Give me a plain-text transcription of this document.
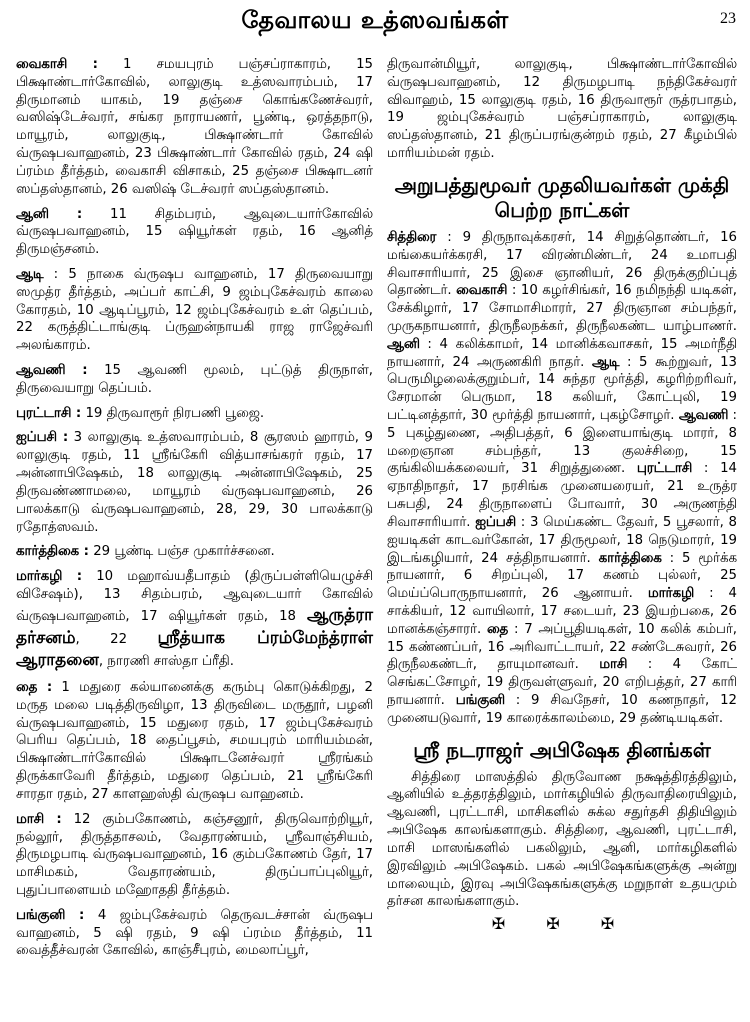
தேவாலய உத்ஸவங்கள்	23

வைகாசி : 1 சமயபுரம் பஞ்சப்ராகாரம், 15 பிக்ஷாண்டார்கோவில், லாலுகுடி உத்ஸவாரம்பம், 17 திருமானம் யாகம், 19 தஞ்சை கொங்கணேச்வரர், வஸிஷ்டேச்வரர், சங்கர நாராயணர், பூண்டி, ஒரத்தநாடு, மாயூரம், லாலுகுடி, பிக்ஷாண்டார் கோவில் வ்ருஷபவாஹனம், 23 பிக்ஷாண்டார் கோவில் ரதம், 24 ஷி ப்ரம்ம தீர்த்தம், வைகாசி விசாகம், 25 தஞ்சை பிக்ஷாடனர் ஸப்தஸ்தானம், 26 வஸிஷ் டேச்வரர் ஸப்தஸ்தானம்.

ஆனி : 11 சிதம்பரம், ஆவுடையார்கோவில் வ்ருஷபவாஹனம், 15 ஷியூர்கள் ரதம், 16 ஆனித் திருமஞ்சனம்.

ஆடி : 5 நாகை வ்ருஷப வாஹனம், 17 திருவையாறு ஸமுத்ர தீர்த்தம், அப்பர் காட்சி, 9 ஜம்புகேச்வரம் காலை கோரதம், 10 ஆடிப்பூரம், 12 ஜம்புகேச்வரம் உள் தெப்பம், 22 கருத்திட்டாங்குடி ப்ருஹன்நாயகி ராஜ ராஜேச்வரி அலங்காரம்.

ஆவணி : 15 ஆவணி மூலம், புட்டுத் திருநாள், திருவையாறு தெப்பம்.

புரட்டாசி : 19 திருவாரூர் நிரபணி பூஜை.

ஐப்பசி : 3 லாலுகுடி உத்ஸவாரம்பம், 8 சூரஸம் ஹாரம், 9 லாலுகுடி ரதம், 11 ஸ்ரீங்கேரி வித்யாசங்கரர் ரதம், 17 அன்னாபிஷேகம், 18 லாலுகுடி அன்னாபிஷேகம், 25 திருவண்ணாமலை, மாயூரம் வ்ருஷபவாஹனம், 26 பாலக்காடு வ்ருஷபவாஹனம், 28, 29, 30 பாலக்காடு ரதோத்ஸவம்.

கார்த்திகை : 29 பூண்டி பஞ்ச முகார்ச்சனை.

மார்கழி : 10 மஹாவ்யதீபாதம் (திருப்பள்ளியெழுச்சி விசேஷம்), 13 சிதம்பரம், ஆவுடையார் கோவில் வ்ருஷபவாஹனம், 17 ஷியூர்கள் ரதம், 18 ஆருத்ரா தர்சனம், 22 ஸ்ரீத்யாக ப்ரம்மேந்த்ராள் ஆராதனை, நாரணி சாஸ்தா ப்ரீதி.

தை : 1 மதுரை கல்யானைக்கு கரும்பு கொடுக்கிறது, 2 மருத மலை படித்திருவிழா, 13 திருவிடை மருதூர், பழனி வ்ருஷபவாஹனம், 15 மதுரை ரதம், 17 ஜம்புகேச்வரம் பெரிய தெப்பம், 18 தைப்பூசம், சமயபுரம் மாரியம்மன், பிக்ஷாண்டார்கோவில் பிக்ஷாடனேச்வரர் ஸ்ரீரங்கம் திருக்காவேரி தீர்த்தம், மதுரை தெப்பம், 21 ஸ்ரீங்கேரி சாரதா ரதம், 27 காளஹஸ்தி வ்ருஷப வாஹனம்.

மாசி : 12 கும்பகோணம், கஞ்சனூர், திருவொற்றியூர், நல்லூர், திருத்தாசலம், வேதாரண்யம், ஸ்ரீவாஞ்சியம், திருமழபாடி வ்ருஷபவாஹனம், 16 கும்பகோணம் தேர், 17 மாசிமகம், வேதாரண்யம், திருப்பாப்புலியூர், புதுப்பாளையம் மஹோததி தீர்த்தம்.

பங்குனி : 4 ஜம்புகேச்வரம் தெருவடச்சான் வ்ருஷப வாஹனம், 5 ஷி ரதம், 9 ஷி ப்ரம்ம தீர்த்தம், 11 வைத்தீச்வரன் கோவில், காஞ்சீபுரம், மைலாப்பூர்,

திருவான்மியூர், லாலுகுடி, பிக்ஷாண்டார்கோவில் வ்ருஷபவாஹனம், 12 திருமழபாடி நந்திகேச்வரர் விவாஹம், 15 லாலுகுடி ரதம், 16 திருவாரூர் ருத்ரபாதம், 19 ஜம்புகேச்வரம் பஞ்சப்ராகாரம், லாலுகுடி ஸப்தஸ்தானம், 21 திருப்பரங்குன்றம் ரதம், 27 கீழம்பில் மாரியம்மன் ரதம்.

அறுபத்துமூவர் முதலியவர்கள் முக்தி பெற்ற நாட்கள்

சித்திரை : 9 திருநாவுக்கரசர், 14 சிறுத்தொண்டர், 16 மங்கையர்க்கரசி, 17 விரண்மிண்டர், 24 உமாபதி சிவாசாரியார், 25 இசை ஞானியர், 26 திருக்குறிப்புத் தொண்டர். வைகாசி : 10 கழர்சிங்கர், 16 நமிநந்தி யடிகள், சேக்கிழார், 17 சோமாசிமாரர், 27 திருஞான சம்பந்தர், முருகநாயனார், திருநீலநக்கர், திருநீலகண்ட யாழ்பாணர். ஆனி : 4 கலிக்காமர், 14 மானிக்கவாசகர், 15 அமர்நீதி நாயனார், 24 அருணகிரி நாதர். ஆடி : 5 கூற்றுவர், 13 பெருமிழலைக்குறும்பர், 14 சுந்தர மூர்த்தி, கழரிற்றரிவர், சேரமான் பெருமா, 18 கலியர், கோட்புலி, 19 பட்டினத்தார், 30 மூர்த்தி நாயனார், புகழ்சோழர். ஆவணி : 5 புகழ்துணை, அதிபத்தர், 6 இளையாங்குடி மாரர், 8 மறைஞான சம்பந்தர், 13 குலச்சிறை, 15 குங்கிலியக்கலையர், 31 சிறுத்துணை. புரட்டாசி : 14 ஏநாதிநாதர், 17 நரசிங்க முனையரையர், 21 உருத்ர பசுபதி, 24 திருநாளைப் போவார், 30 அருணந்தி சிவாசாரியார். ஐப்பசி : 3 மெய்கண்ட தேவர், 5 பூசலார், 8 ஐயடிகள் காடவர்கோன், 17 திருமூலர், 18 நெடுமாரர், 19 இடங்கழியார், 24 சத்திநாயனார். கார்த்திகை : 5 மூர்க்க நாயனார், 6 சிறப்புலி, 17 கணம் புல்லர், 25 மெய்ப்பொருநாயனார், 26 ஆனாயர். மார்கழி : 4 சாக்கியர், 12 வாயிலார், 17 சடையர், 23 இயற்பகை, 26 மானக்கஞ்சாரர். தை : 7 அப்பூதியடிகள், 10 கலிக் கம்பர், 15 கண்ணப்பர், 16 அரிவாட்டாயர், 22 சண்டேசுவரர், 26 திருநீலகண்டர், தாயுமானவர். மாசி : 4 கோட் செங்கட்சோழர், 19 திருவள்ளுவர், 20 எறிபத்தர், 27 காரி நாயனார். பங்குனி : 9 சிவநேசர், 10 கணநாதர், 12 முனையடுவார், 19 காரைக்காலம்மை, 29 தண்டியடிகள்.

ஸ்ரீ நடராஜர் அபிஷேக தினங்கள்

சித்திரை மாஸத்தில் திருவோண நக்ஷத்திரத்திலும், ஆனியில் உத்தரத்திலும், மார்கழியில் திருவாதிரையிலும், ஆவணி, புரட்டாசி, மாசிகளில் சுக்ல சதுர்தசி திதியிலும் அபிஷேக காலங்களாகும். சித்திரை, ஆவணி, புரட்டாசி, மாசி மாஸங்களில் பகலிலும், ஆனி, மார்கழிகளில் இரவிலும் அபிஷேகம். பகல் அபிஷேகங்களுக்கு அன்று மாலையும், இரவு அபிஷேகங்களுக்கு மறுநாள் உதயமும் தர்சன காலங்களாகும்.

✠ ✠ ✠
